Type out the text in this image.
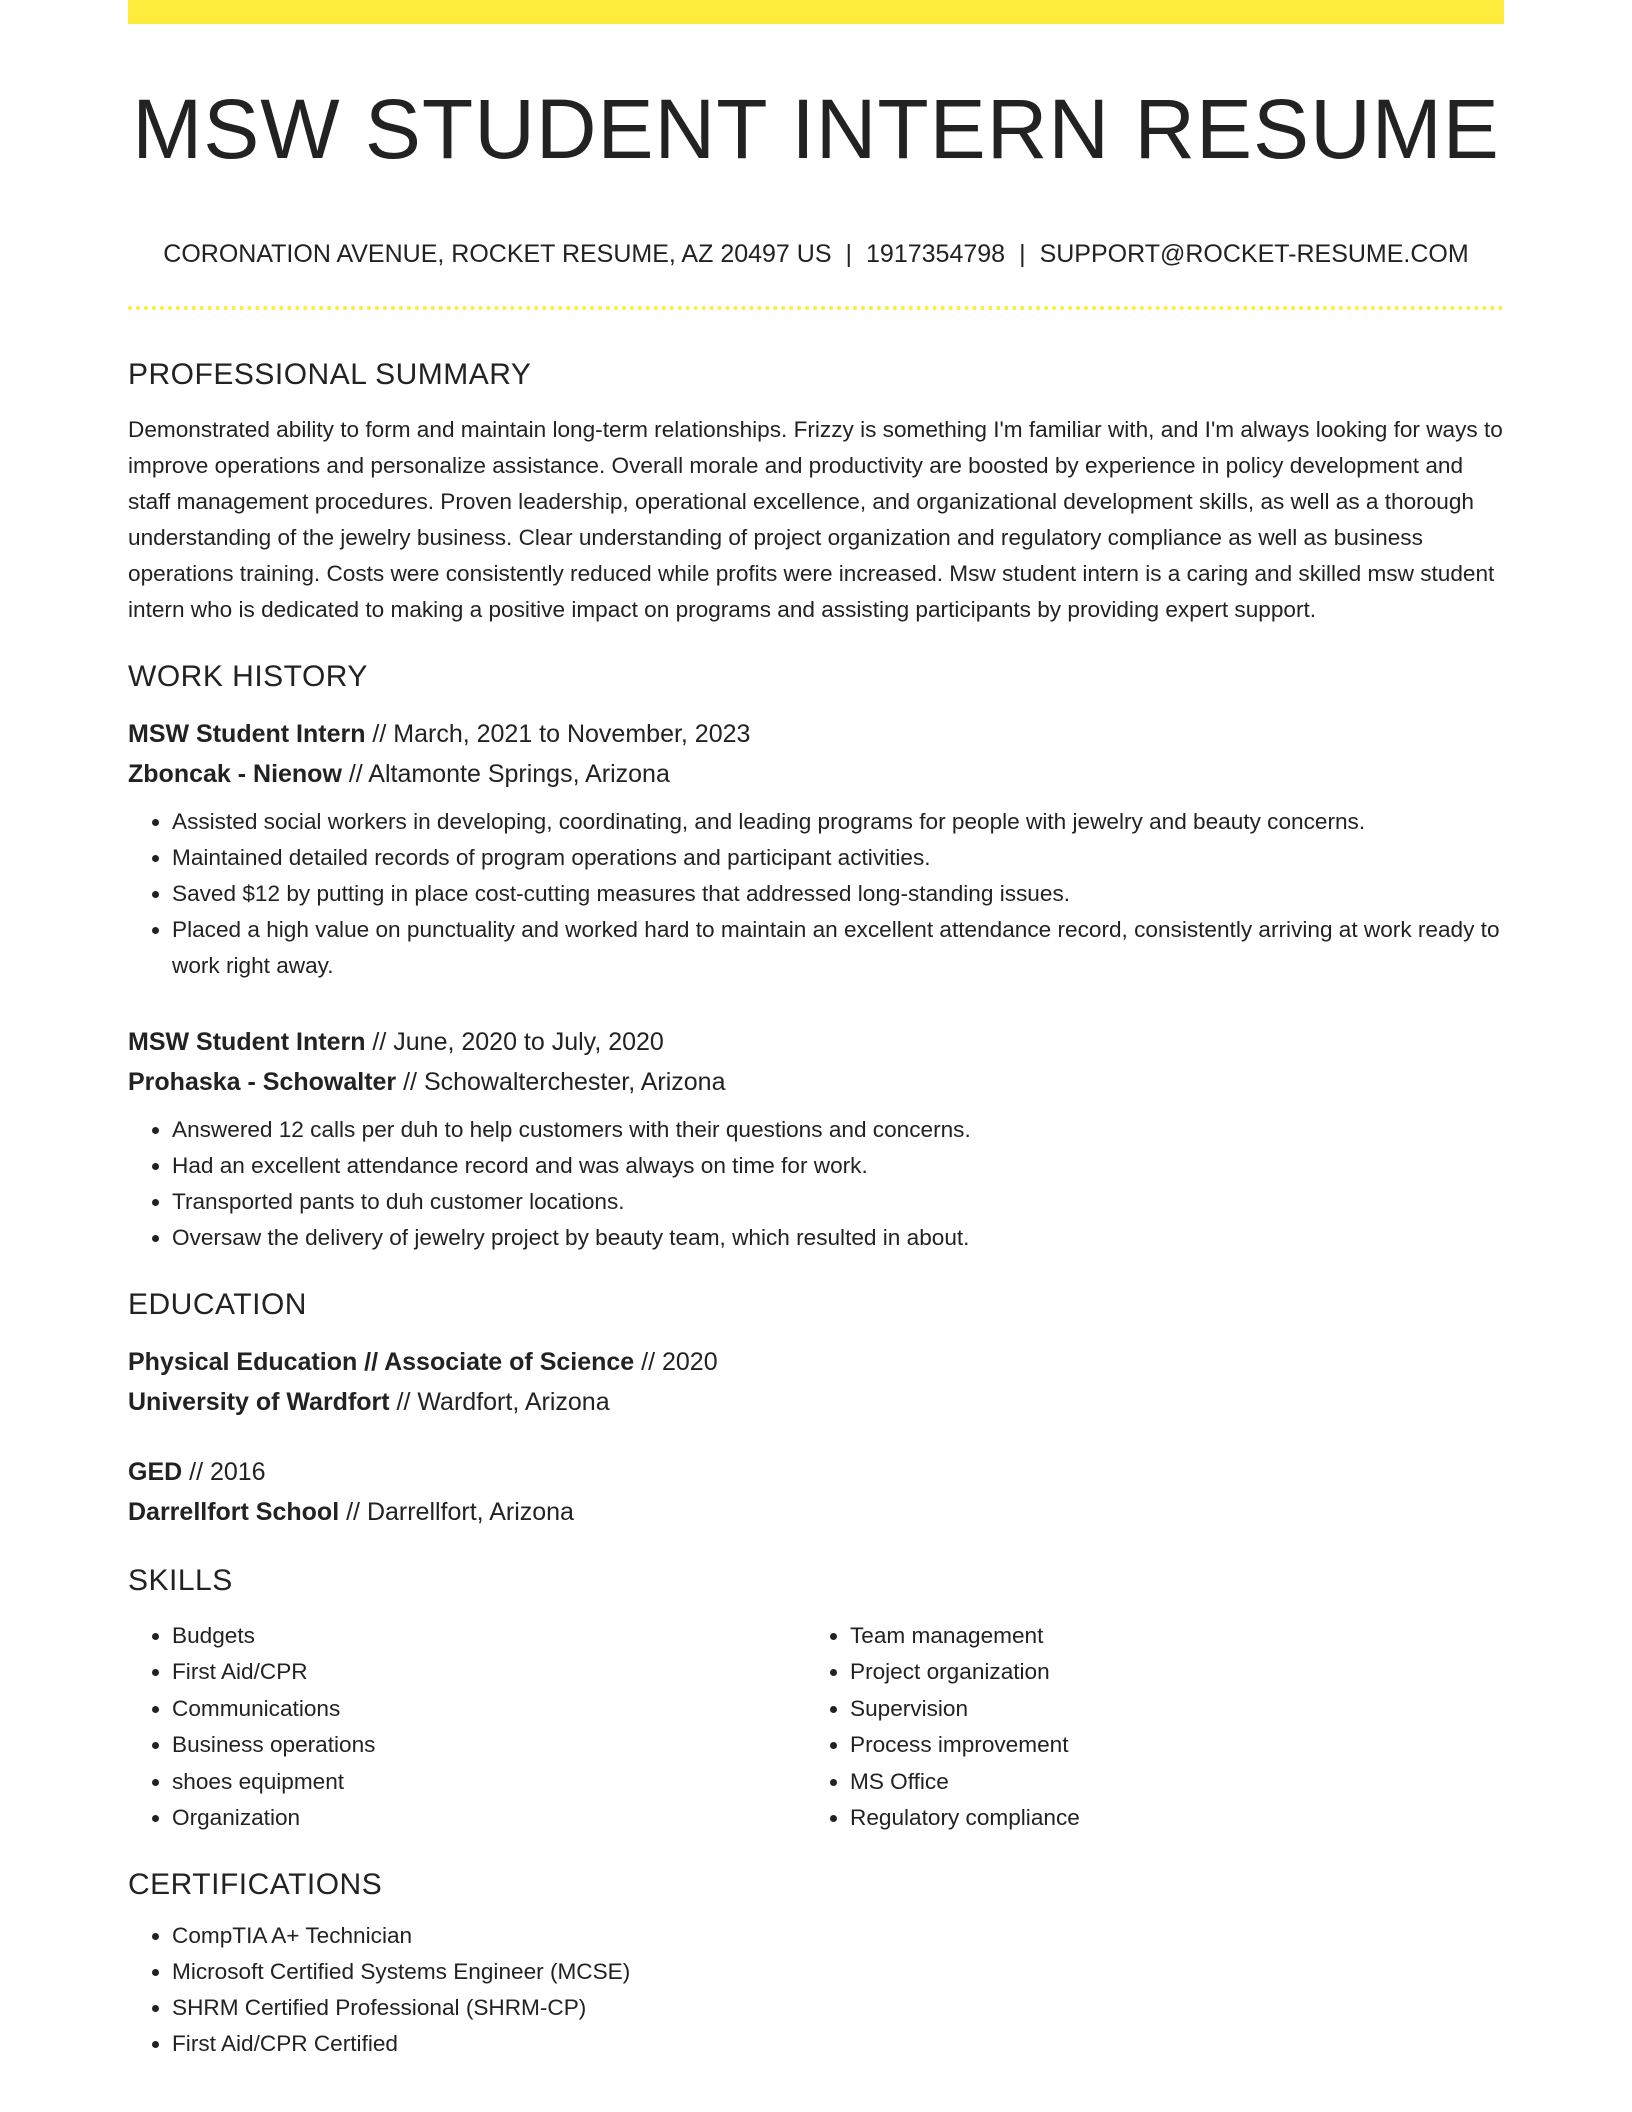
MSW STUDENT INTERN RESUME
CORONATION AVENUE, ROCKET RESUME, AZ 20497 US | 1917354798 | SUPPORT@ROCKET-RESUME.COM
PROFESSIONAL SUMMARY

Demonstrated ability to form and maintain long-term relationships. Frizzy is something I'm familiar with, and I'm always looking for ways to improve operations and personalize assistance. Overall morale and productivity are boosted by experience in policy development and staff management procedures. Proven leadership, operational excellence, and organizational development skills, as well as a thorough understanding of the jewelry business. Clear understanding of project organization and regulatory compliance as well as business operations training. Costs were consistently reduced while profits were increased. Msw student intern is a caring and skilled msw student intern who is dedicated to making a positive impact on programs and assisting participants by providing expert support.

WORK HISTORY
MSW Student Intern // March, 2021 to November, 2023
Zboncak - Nienow // Altamonte Springs, Arizona
• Assisted social workers in developing, coordinating, and leading programs for people with jewelry and beauty concerns.
• Maintained detailed records of program operations and participant activities.
• Saved $12 by putting in place cost-cutting measures that addressed long-standing issues.
• Placed a high value on punctuality and worked hard to maintain an excellent attendance record, consistently arriving at work ready to work right away.
MSW Student Intern // June, 2020 to July, 2020
Prohaska - Schowalter // Schowalterchester, Arizona
• Answered 12 calls per duh to help customers with their questions and concerns.
• Had an excellent attendance record and was always on time for work.
• Transported pants to duh customer locations.
• Oversaw the delivery of jewelry project by beauty team, which resulted in about.
EDUCATION
Physical Education // Associate of Science // 2020
University of Wardfort // Wardfort, Arizona
GED // 2016
Darrellfort School // Darrellfort, Arizona
SKILLS
• Budgets
• First Aid/CPR
• Communications
• Business operations
• shoes equipment
• Organization
• Team management
• Project organization
• Supervision
• Process improvement
• MS Office
• Regulatory compliance
CERTIFICATIONS
• CompTIA A+ Technician
• Microsoft Certified Systems Engineer (MCSE)
• SHRM Certified Professional (SHRM-CP)
• First Aid/CPR Certified
